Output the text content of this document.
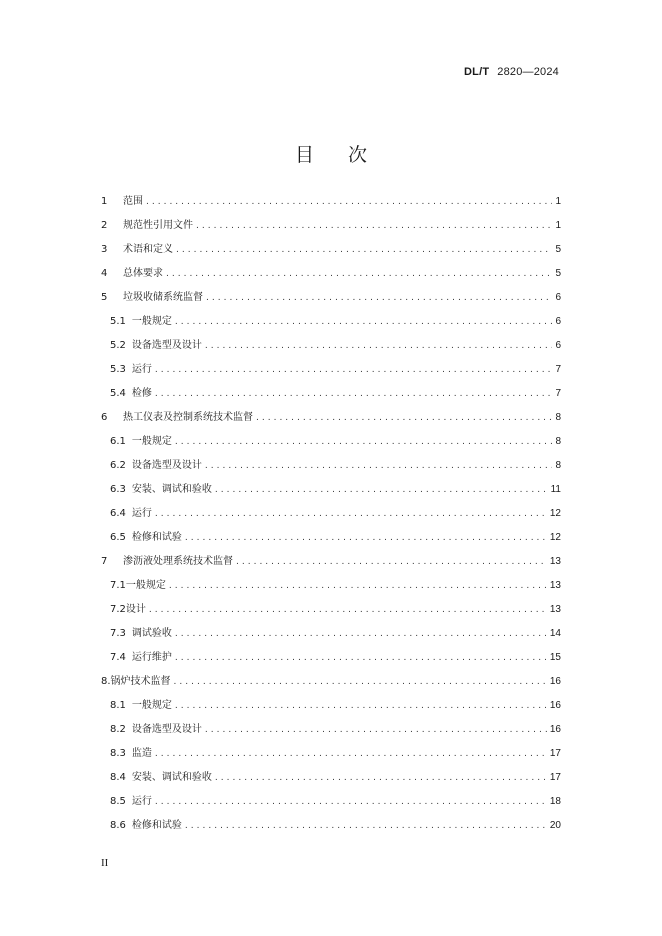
DL/T 2820—2024
目 次
1	范围 .....	1
2	规范性引用文件 .....	1
3	术语和定义 .....	5
4	总体要求 .....	5
5	垃圾收储系统监督 .....	6
5.1 一般规定 .....	6
5.2 设备选型及设计 .....	6
5.3 运行 .....	7
5.4 检修 .....	7
6	热工仪表及控制系统技术监督 .....	8
6.1 一般规定 .....	8
6.2 设备选型及设计 .....	8
6.3 安装、调试和验收 .....	11
6.4 运行 .....	12
6.5 检修和试验 .....	12
7	渗沥液处理系统技术监督 .....	13
7.1 一般规定 .....	13
7.2 设计 .....	13
7.3 调试验收 .....	14
7.4 运行维护 .....	15
8. 锅炉技术监督 .....	16
8.1 一般规定 .....	16
8.2 设备选型及设计 .....	16
8.3 监造 .....	17
8.4 安装、调试和验收 .....	17
8.5 运行 .....	18
8.6 检修和试验 .....	20
II
